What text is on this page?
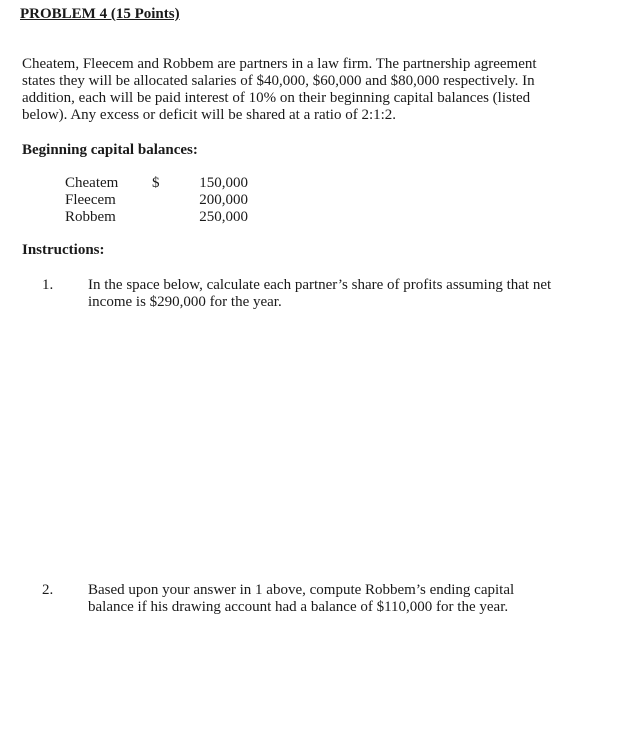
PROBLEM 4 (15 Points)
Cheatem, Fleecem and Robbem are partners in a law firm. The partnership agreement states they will be allocated salaries of $40,000, $60,000 and $80,000 respectively. In addition, each will be paid interest of 10% on their beginning capital balances (listed below). Any excess or deficit will be shared at a ratio of 2:1:2.
Beginning capital balances:
Cheatem	$	150,000
Fleecem		200,000
Robbem		250,000
Instructions:
1. In the space below, calculate each partner’s share of profits assuming that net income is $290,000 for the year.
2. Based upon your answer in 1 above, compute Robbem’s ending capital balance if his drawing account had a balance of $110,000 for the year.
